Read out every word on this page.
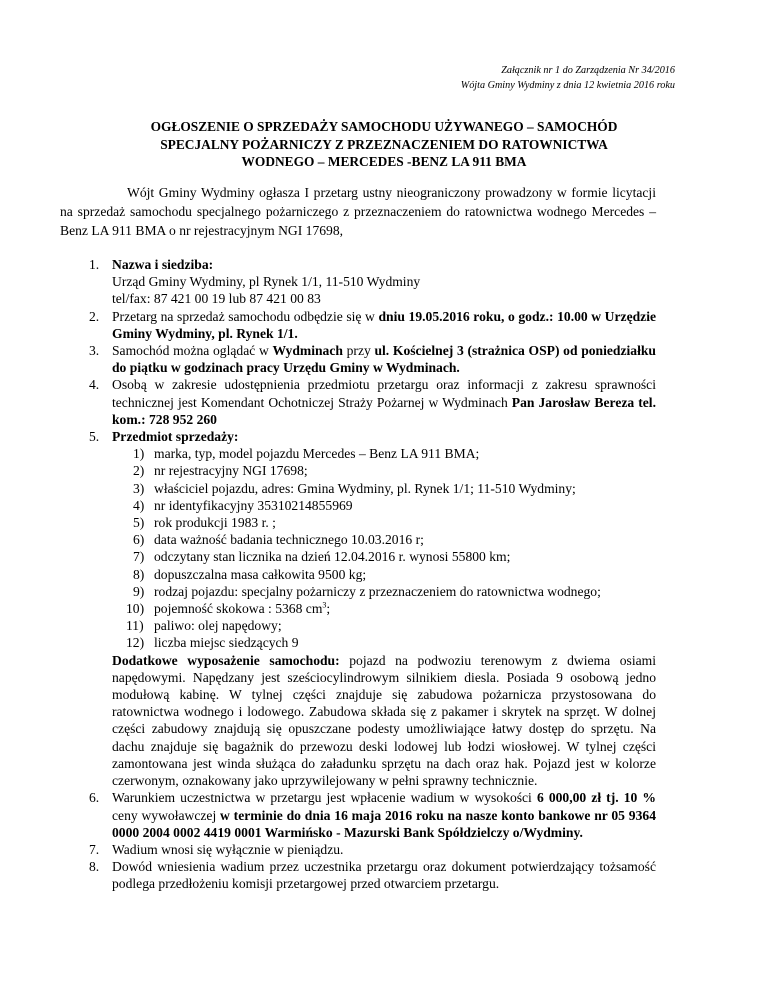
Załącznik nr 1 do Zarządzenia Nr 34/2016
Wójta Gminy Wydminy z dnia 12 kwietnia 2016 roku
OGŁOSZENIE O SPRZEDAŻY SAMOCHODU UŻYWANEGO – SAMOCHÓD
SPECJALNY POŻARNICZY Z PRZEZNACZENIEM DO RATOWNICTWA
WODNEGO – MERCEDES -BENZ LA 911 BMA
Wójt Gminy Wydminy ogłasza I przetarg ustny nieograniczony prowadzony w formie licytacji na sprzedaż samochodu specjalnego pożarniczego z przeznaczeniem do ratownictwa wodnego Mercedes – Benz LA 911 BMA o nr rejestracyjnym NGI 17698,
1. Nazwa i siedziba:
Urząd Gminy Wydminy, pl Rynek 1/1, 11-510 Wydminy
tel/fax: 87 421 00 19 lub 87 421 00 83
2. Przetarg na sprzedaż samochodu odbędzie się w dniu 19.05.2016 roku, o godz.: 10.00 w Urzędzie Gminy Wydminy, pl. Rynek 1/1.
3. Samochód można oglądać w Wydminach przy ul. Kościelnej 3 (strażnica OSP) od poniedziałku do piątku w godzinach pracy Urzędu Gminy w Wydminach.
4. Osobą w zakresie udostępnienia przedmiotu przetargu oraz informacji z zakresu sprawności technicznej jest Komendant Ochotniczej Straży Pożarnej w Wydminach Pan Jarosław Bereza tel. kom.: 728 952 260
5. Przedmiot sprzedaży:
1) marka, typ, model pojazdu Mercedes – Benz LA 911 BMA;
2) nr rejestracyjny NGI 17698;
3) właściciel pojazdu, adres: Gmina Wydminy, pl. Rynek 1/1; 11-510 Wydminy;
4) nr identyfikacyjny 35310214855969
5) rok produkcji 1983 r. ;
6) data ważność badania technicznego 10.03.2016 r;
7) odczytany stan licznika na dzień 12.04.2016 r. wynosi 55800 km;
8) dopuszczalna masa całkowita 9500 kg;
9) rodzaj pojazdu: specjalny pożarniczy z przeznaczeniem do ratownictwa wodnego;
10) pojemność skokowa : 5368 $cm^3$;
11) paliwo: olej napędowy;
12) liczba miejsc siedzących 9
Dodatkowe wyposażenie samochodu: pojazd na podwoziu terenowym z dwiema osiami napędowymi. Napędzany jest sześciocylindrowym silnikiem diesla. Posiada 9 osobową jedno modułową kabinę. W tylnej części znajduje się zabudowa pożarnicza przystosowana do ratownictwa wodnego i lodowego. Zabudowa składa się z pakamer i skrytek na sprzęt. W dolnej części zabudowy znajdują się opuszczane podesty umożliwiające łatwy dostęp do sprzętu. Na dachu znajduje się bagażnik do przewozu deski lodowej lub łodzi wiosłowej. W tylnej części zamontowana jest winda służąca do załadunku sprzętu na dach oraz hak. Pojazd jest w kolorze czerwonym, oznakowany jako uprzywilejowany w pełni sprawny technicznie.
6. Warunkiem uczestnictwa w przetargu jest wpłacenie wadium w wysokości 6 000,00 zł tj. 10 % ceny wywoławczej w terminie do dnia 16 maja 2016 roku na nasze konto bankowe nr 05 9364 0000 2004 0002 4419 0001 Warmińsko - Mazurski Bank Spółdzielczy o/Wydminy.
7. Wadium wnosi się wyłącznie w pieniądzu.
8. Dowód wniesienia wadium przez uczestnika przetargu oraz dokument potwierdzający tożsamość podlega przedłożeniu komisji przetargowej przed otwarciem przetargu.
